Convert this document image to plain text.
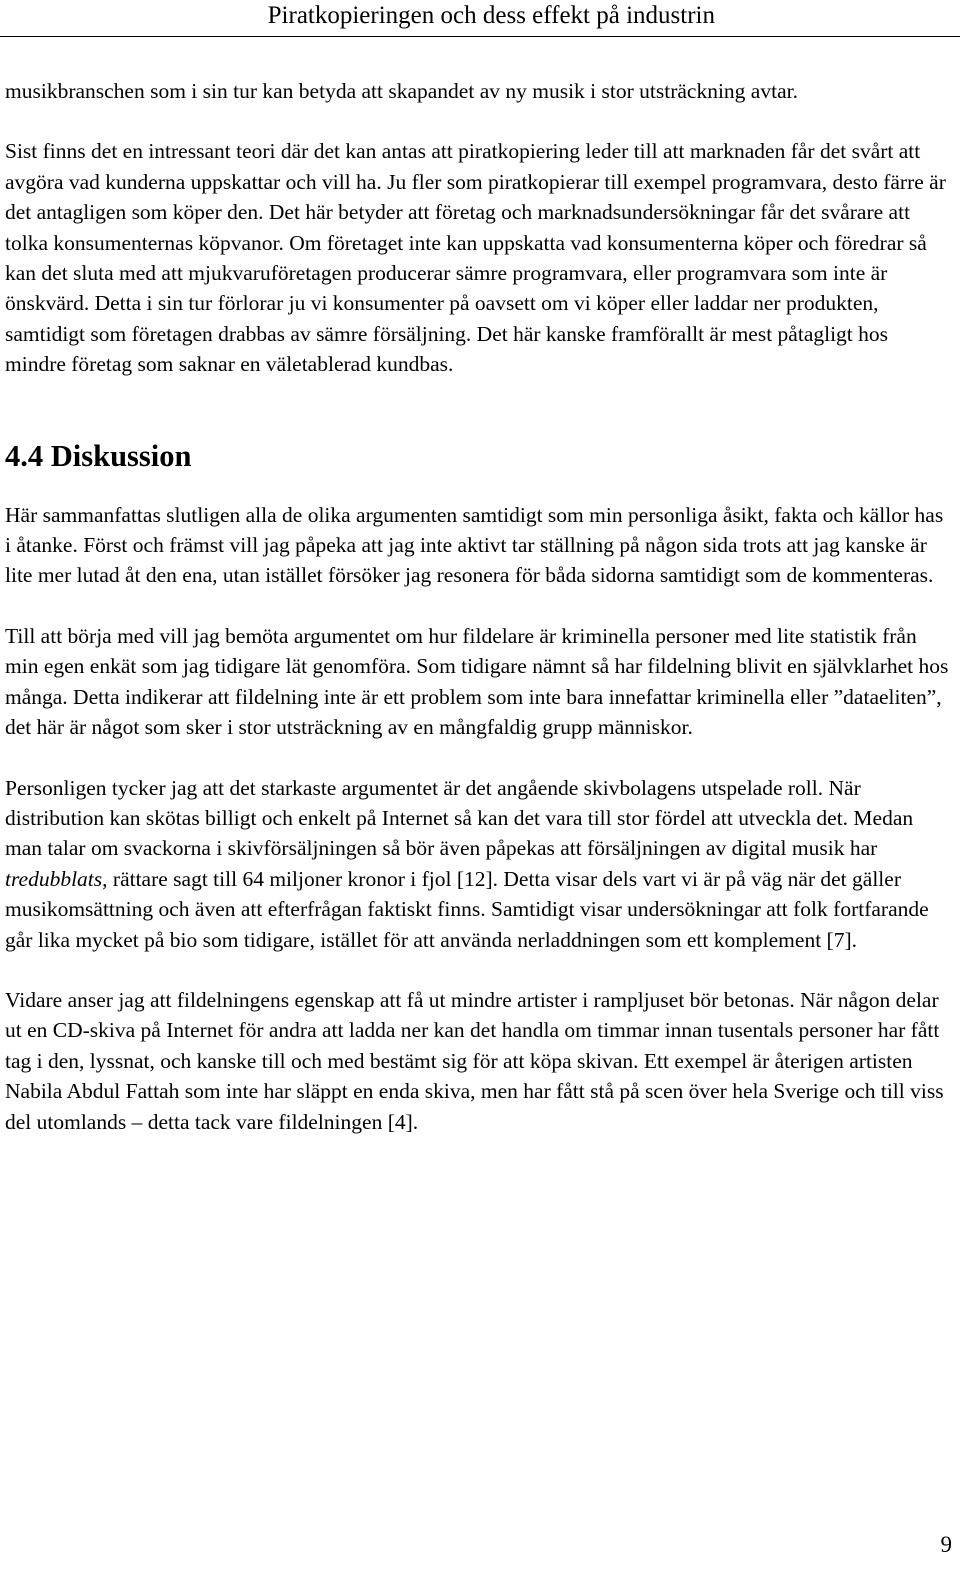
Piratkopieringen och dess effekt på industrin

musikbranschen som i sin tur kan betyda att skapandet av ny musik i stor utsträckning avtar.

Sist finns det en intressant teori där det kan antas att piratkopiering leder till att marknaden får det svårt att avgöra vad kunderna uppskattar och vill ha. Ju fler som piratkopierar till exempel programvara, desto färre är det antagligen som köper den. Det här betyder att företag och marknadsundersökningar får det svårare att tolka konsumenternas köpvanor. Om företaget inte kan uppskatta vad konsumenterna köper och föredrar så kan det sluta med att mjukvaruföretagen producerar sämre programvara, eller programvara som inte är önskvärd. Detta i sin tur förlorar ju vi konsumenter på oavsett om vi köper eller laddar ner produkten, samtidigt som företagen drabbas av sämre försäljning. Det här kanske framförallt är mest påtagligt hos mindre företag som saknar en väletablerad kundbas.

4.4 Diskussion

Här sammanfattas slutligen alla de olika argumenten samtidigt som min personliga åsikt, fakta och källor has i åtanke. Först och främst vill jag påpeka att jag inte aktivt tar ställning på någon sida trots att jag kanske är lite mer lutad åt den ena, utan istället försöker jag resonera för båda sidorna samtidigt som de kommenteras.

Till att börja med vill jag bemöta argumentet om hur fildelare är kriminella personer med lite statistik från min egen enkät som jag tidigare lät genomföra. Som tidigare nämnt så har fildelning blivit en självklarhet hos många. Detta indikerar att fildelning inte är ett problem som inte bara innefattar kriminella eller ”dataeliten”, det här är något som sker i stor utsträckning av en mångfaldig grupp människor.

Personligen tycker jag att det starkaste argumentet är det angående skivbolagens utspelade roll. När distribution kan skötas billigt och enkelt på Internet så kan det vara till stor fördel att utveckla det. Medan man talar om svackorna i skivförsäljningen så bör även påpekas att försäljningen av digital musik har tredubblats, rättare sagt till 64 miljoner kronor i fjol [12]. Detta visar dels vart vi är på väg när det gäller musikomsättning och även att efterfrågan faktiskt finns. Samtidigt visar undersökningar att folk fortfarande går lika mycket på bio som tidigare, istället för att använda nerladdningen som ett komplement [7].

Vidare anser jag att fildelningens egenskap att få ut mindre artister i rampljuset bör betonas. När någon delar ut en CD-skiva på Internet för andra att ladda ner kan det handla om timmar innan tusentals personer har fått tag i den, lyssnat, och kanske till och med bestämt sig för att köpa skivan. Ett exempel är återigen artisten Nabila Abdul Fattah som inte har släppt en enda skiva, men har fått stå på scen över hela Sverige och till viss del utomlands – detta tack vare fildelningen [4].

9
